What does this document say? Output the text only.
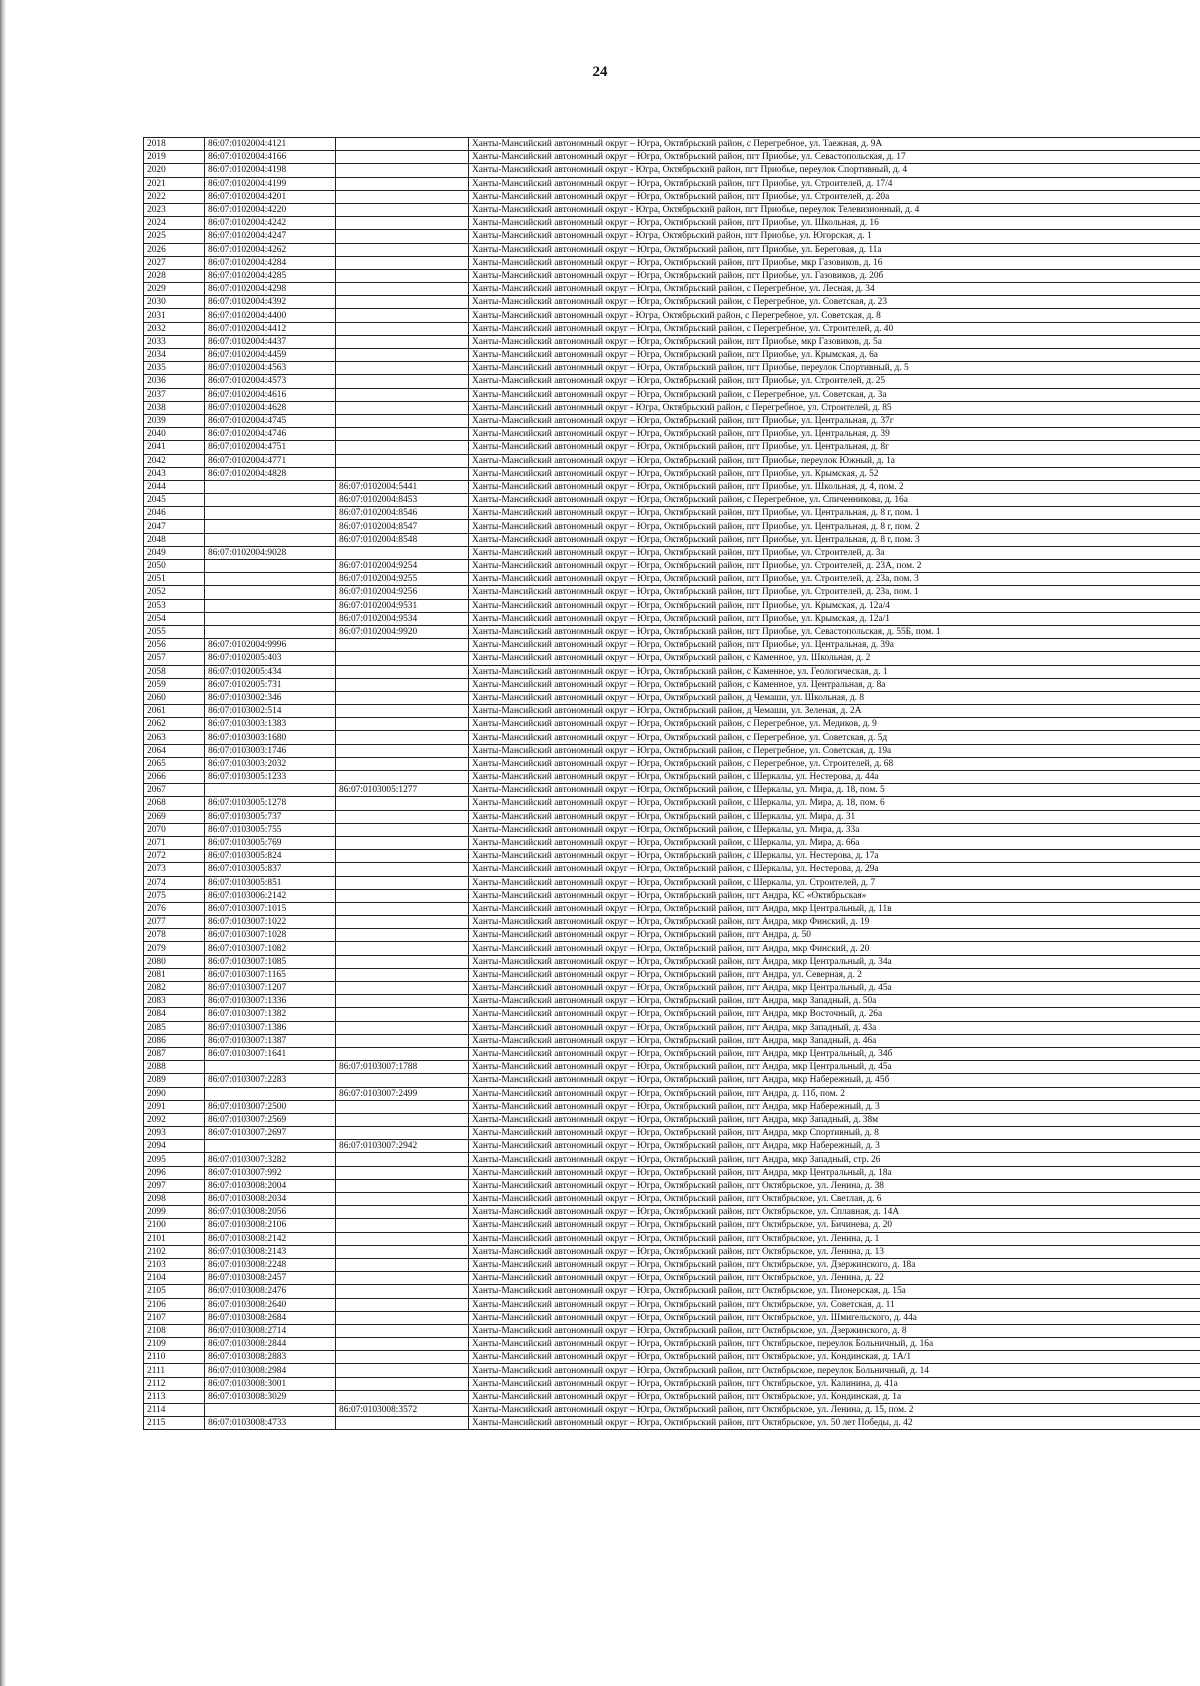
24
2018	86:07:0102004:4121		Ханты-Мансийский автономный округ – Югра, Октябрьский район, с Перегребное, ул. Таежная, д. 9А
2019	86:07:0102004:4166		Ханты-Мансийский автономный округ – Югра, Октябрьский район, пгт Приобье, ул. Севастопольская, д. 17
2020	86:07:0102004:4198		Ханты-Мансийский автономный округ - Югра, Октябрьский район, пгт Приобье, переулок Спортивный, д. 4
2021	86:07:0102004:4199		Ханты-Мансийский автономный округ – Югра, Октябрьский район, пгт Приобье, ул. Строителей, д. 17/4
2022	86:07:0102004:4201		Ханты-Мансийский автономный округ – Югра, Октябрьский район, пгт Приобье, ул. Строителей, д. 20а
2023	86:07:0102004:4220		Ханты-Мансийский автономный округ - Югра, Октябрьский район, пгт Приобье, переулок Телевизионный, д. 4
2024	86:07:0102004:4242		Ханты-Мансийский автономный округ – Югра, Октябрьский район, пгт Приобье, ул. Школьная, д. 16
2025	86:07:0102004:4247		Ханты-Мансийский автономный округ - Югра, Октябрьский район, пгт Приобье, ул. Югорская, д. 1
2026	86:07:0102004:4262		Ханты-Мансийский автономный округ – Югра, Октябрьский район, пгт Приобье, ул. Береговая, д. 11а
2027	86:07:0102004:4284		Ханты-Мансийский автономный округ – Югра, Октябрьский район, пгт Приобье, мкр Газовиков, д. 16
2028	86:07:0102004:4285		Ханты-Мансийский автономный округ – Югра, Октябрьский район, пгт Приобье, ул. Газовиков, д. 20б
2029	86:07:0102004:4298		Ханты-Мансийский автономный округ – Югра, Октябрьский район, с Перегребное, ул. Лесная, д. 34
2030	86:07:0102004:4392		Ханты-Мансийский автономный округ – Югра, Октябрьский район, с Перегребное, ул. Советская, д. 23
2031	86:07:0102004:4400		Ханты-Мансийский автономный округ - Югра, Октябрьский район, с Перегребное, ул. Советская, д. 8
2032	86:07:0102004:4412		Ханты-Мансийский автономный округ – Югра, Октябрьский район, с Перегребное, ул. Строителей, д. 40
2033	86:07:0102004:4437		Ханты-Мансийский автономный округ – Югра, Октябрьский район, пгт Приобье, мкр Газовиков, д. 5а
2034	86:07:0102004:4459		Ханты-Мансийский автономный округ – Югра, Октябрьский район, пгт Приобье, ул. Крымская, д. 6а
2035	86:07:0102004:4563		Ханты-Мансийский автономный округ – Югра, Октябрьский район, пгт Приобье, переулок Спортивный, д. 5
2036	86:07:0102004:4573		Ханты-Мансийский автономный округ – Югра, Октябрьский район, пгт Приобье, ул. Строителей, д. 25
2037	86:07:0102004:4616		Ханты-Мансийский автономный округ – Югра, Октябрьский район, с Перегребное, ул. Советская, д. 3а
2038	86:07:0102004:4628		Ханты-Мансийский автономный округ - Югра, Октябрьский район, с Перегребное, ул. Строителей, д. 85
2039	86:07:0102004:4745		Ханты-Мансийский автономный округ – Югра, Октябрьский район, пгт Приобье, ул. Центральная, д. 37г
2040	86:07:0102004:4746		Ханты-Мансийский автономный округ – Югра, Октябрьский район, пгт Приобье, ул. Центральная, д. 39
2041	86:07:0102004:4751		Ханты-Мансийский автономный округ – Югра, Октябрьский район, пгт Приобье, ул. Центральная, д. 8г
2042	86:07:0102004:4771		Ханты-Мансийский автономный округ – Югра, Октябрьский район, пгт Приобье, переулок Южный, д. 1а
2043	86:07:0102004:4828		Ханты-Мансийский автономный округ – Югра, Октябрьский район, пгт Приобье, ул. Крымская, д. 52
2044		86:07:0102004:5441	Ханты-Мансийский автономный округ – Югра, Октябрьский район, пгт Приобье, ул. Школьная, д. 4, пом. 2
2045		86:07:0102004:8453	Ханты-Мансийский автономный округ – Югра, Октябрьский район, с Перегребное, ул. Спиченникова, д. 16а
2046		86:07:0102004:8546	Ханты-Мансийский автономный округ – Югра, Октябрьский район, пгт Приобье, ул. Центральная, д. 8 г, пом. 1
2047		86:07:0102004:8547	Ханты-Мансийский автономный округ – Югра, Октябрьский район, пгт Приобье, ул. Центральная, д. 8 г, пом. 2
2048		86:07:0102004:8548	Ханты-Мансийский автономный округ – Югра, Октябрьский район, пгт Приобье, ул. Центральная, д. 8 г, пом. 3
2049	86:07:0102004:9028		Ханты-Мансийский автономный округ – Югра, Октябрьский район, пгт Приобье, ул. Строителей, д. 3а
2050		86:07:0102004:9254	Ханты-Мансийский автономный округ – Югра, Октябрьский район, пгт Приобье, ул. Строителей, д. 23А, пом. 2
2051		86:07:0102004:9255	Ханты-Мансийский автономный округ – Югра, Октябрьский район, пгт Приобье, ул. Строителей, д. 23а, пом. 3
2052		86:07:0102004:9256	Ханты-Мансийский автономный округ – Югра, Октябрьский район, пгт Приобье, ул. Строителей, д. 23а, пом. 1
2053		86:07:0102004:9531	Ханты-Мансийский автономный округ – Югра, Октябрьский район, пгт Приобье, ул. Крымская, д. 12а/4
2054		86:07:0102004:9534	Ханты-Мансийский автономный округ – Югра, Октябрьский район, пгт Приобье, ул. Крымская, д. 12а/1
2055		86:07:0102004:9920	Ханты-Мансийский автономный округ – Югра, Октябрьский район, пгт Приобье, ул. Севастопольская, д. 55Б, пом. 1
2056	86:07:0102004:9996		Ханты-Мансийский автономный округ – Югра, Октябрьский район, пгт Приобье, ул. Центральная, д. 39а
2057	86:07:0102005:403		Ханты-Мансийский автономный округ – Югра, Октябрьский район, с Каменное, ул. Школьная, д. 2
2058	86:07:0102005:434		Ханты-Мансийский автономный округ – Югра, Октябрьский район, с Каменное, ул. Геологическая, д. 1
2059	86:07:0102005:731		Ханты-Мансийский автономный округ – Югра, Октябрьский район, с Каменное, ул. Центральная, д. 8а
2060	86:07:0103002:346		Ханты-Мансийский автономный округ – Югра, Октябрьский район, д Чемаши, ул. Школьная, д. 8
2061	86:07:0103002:514		Ханты-Мансийский автономный округ – Югра, Октябрьский район, д Чемаши, ул. Зеленая, д. 2А
2062	86:07:0103003:1383		Ханты-Мансийский автономный округ – Югра, Октябрьский район, с Перегребное, ул. Медиков, д. 9
2063	86:07:0103003:1680		Ханты-Мансийский автономный округ – Югра, Октябрьский район, с Перегребное, ул. Советская, д. 5д
2064	86:07:0103003:1746		Ханты-Мансийский автономный округ – Югра, Октябрьский район, с Перегребное, ул. Советская, д. 19а
2065	86:07:0103003:2032		Ханты-Мансийский автономный округ – Югра, Октябрьский район, с Перегребное, ул. Строителей, д. 68
2066	86:07:0103005:1233		Ханты-Мансийский автономный округ – Югра, Октябрьский район, с Шеркалы, ул. Нестерова, д. 44а
2067		86:07:0103005:1277	Ханты-Мансийский автономный округ – Югра, Октябрьский район, с Шеркалы, ул. Мира, д. 18, пом. 5
2068	86:07:0103005:1278		Ханты-Мансийский автономный округ – Югра, Октябрьский район, с Шеркалы, ул. Мира, д. 18, пом. 6
2069	86:07:0103005:737		Ханты-Мансийский автономный округ – Югра, Октябрьский район, с Шеркалы, ул. Мира, д. 31
2070	86:07:0103005:755		Ханты-Мансийский автономный округ – Югра, Октябрьский район, с Шеркалы, ул. Мира, д. 33а
2071	86:07:0103005:769		Ханты-Мансийский автономный округ – Югра, Октябрьский район, с Шеркалы, ул. Мира, д. 66а
2072	86:07:0103005:824		Ханты-Мансийский автономный округ – Югра, Октябрьский район, с Шеркалы, ул. Нестерова, д. 17а
2073	86:07:0103005:837		Ханты-Мансийский автономный округ – Югра, Октябрьский район, с Шеркалы, ул. Нестерова, д. 29а
2074	86:07:0103005:851		Ханты-Мансийский автономный округ – Югра, Октябрьский район, с Шеркалы, ул. Строителей, д. 7
2075	86:07:0103006:2142		Ханты-Мансийский автономный округ – Югра, Октябрьский район, пгт Андра, КС «Октябрьская»
2076	86:07:0103007:1015		Ханты-Мансийский автономный округ – Югра, Октябрьский район, пгт Андра, мкр Центральный, д. 11в
2077	86:07:0103007:1022		Ханты-Мансийский автономный округ – Югра, Октябрьский район, пгт Андра, мкр Финский, д. 19
2078	86:07:0103007:1028		Ханты-Мансийский автономный округ – Югра, Октябрьский район, пгт Андра, д. 50
2079	86:07:0103007:1082		Ханты-Мансийский автономный округ – Югра, Октябрьский район, пгт Андра, мкр Финский, д. 20
2080	86:07:0103007:1085		Ханты-Мансийский автономный округ – Югра, Октябрьский район, пгт Андра, мкр Центральный, д. 34а
2081	86:07:0103007:1165		Ханты-Мансийский автономный округ – Югра, Октябрьский район, пгт Андра, ул. Северная, д. 2
2082	86:07:0103007:1207		Ханты-Мансийский автономный округ – Югра, Октябрьский район, пгт Андра, мкр Центральный, д. 45а
2083	86:07:0103007:1336		Ханты-Мансийский автономный округ – Югра, Октябрьский район, пгт Андра, мкр Западный, д. 50а
2084	86:07:0103007:1382		Ханты-Мансийский автономный округ – Югра, Октябрьский район, пгт Андра, мкр Восточный, д. 26а
2085	86:07:0103007:1386		Ханты-Мансийский автономный округ – Югра, Октябрьский район, пгт Андра, мкр Западный, д. 43а
2086	86:07:0103007:1387		Ханты-Мансийский автономный округ – Югра, Октябрьский район, пгт Андра, мкр Западный, д. 46а
2087	86:07:0103007:1641		Ханты-Мансийский автономный округ – Югра, Октябрьский район, пгт Андра, мкр Центральный, д. 34б
2088		86:07:0103007:1788	Ханты-Мансийский автономный округ – Югра, Октябрьский район, пгт Андра, мкр Центральный, д. 45а
2089	86:07:0103007:2283		Ханты-Мансийский автономный округ – Югра, Октябрьский район, пгт Андра, мкр Набережный, д. 45б
2090		86:07:0103007:2499	Ханты-Мансийский автономный округ – Югра, Октябрьский район, пгт Андра, д. 11б, пом. 2
2091	86:07:0103007:2500		Ханты-Мансийский автономный округ – Югра, Октябрьский район, пгт Андра, мкр Набережный, д. 3
2092	86:07:0103007:2569		Ханты-Мансийский автономный округ – Югра, Октябрьский район, пгт Андра, мкр Западный, д. 38м
2093	86:07:0103007:2697		Ханты-Мансийский автономный округ – Югра, Октябрьский район, пгт Андра, мкр Спортивный, д. 8
2094		86:07:0103007:2942	Ханты-Мансийский автономный округ – Югра, Октябрьский район, пгт Андра, мкр Набережный, д. 3
2095	86:07:0103007:3282		Ханты-Мансийский автономный округ – Югра, Октябрьский район, пгт Андра, мкр Западный, стр. 26
2096	86:07:0103007:992		Ханты-Мансийский автономный округ – Югра, Октябрьский район, пгт Андра, мкр Центральный, д. 18а
2097	86:07:0103008:2004		Ханты-Мансийский автономный округ – Югра, Октябрьский район, пгт Октябрьское, ул. Ленина, д. 38
2098	86:07:0103008:2034		Ханты-Мансийский автономный округ – Югра, Октябрьский район, пгт Октябрьское, ул. Светлая, д. 6
2099	86:07:0103008:2056		Ханты-Мансийский автономный округ – Югра, Октябрьский район, пгт Октябрьское, ул. Сплавная, д. 14А
2100	86:07:0103008:2106		Ханты-Мансийский автономный округ – Югра, Октябрьский район, пгт Октябрьское, ул. Бичинева, д. 20
2101	86:07:0103008:2142		Ханты-Мансийский автономный округ – Югра, Октябрьский район, пгт Октябрьское, ул. Ленина, д. 1
2102	86:07:0103008:2143		Ханты-Мансийский автономный округ – Югра, Октябрьский район, пгт Октябрьское, ул. Ленина, д. 13
2103	86:07:0103008:2248		Ханты-Мансийский автономный округ – Югра, Октябрьский район, пгт Октябрьское, ул. Дзержинского, д. 18а
2104	86:07:0103008:2457		Ханты-Мансийский автономный округ – Югра, Октябрьский район, пгт Октябрьское, ул. Ленина, д. 22
2105	86:07:0103008:2476		Ханты-Мансийский автономный округ – Югра, Октябрьский район, пгт Октябрьское, ул. Пионерская, д. 15а
2106	86:07:0103008:2640		Ханты-Мансийский автономный округ – Югра, Октябрьский район, пгт Октябрьское, ул. Советская, д. 11
2107	86:07:0103008:2684		Ханты-Мансийский автономный округ – Югра, Октябрьский район, пгт Октябрьское, ул. Шмигельского, д. 44а
2108	86:07:0103008:2714		Ханты-Мансийский автономный округ – Югра, Октябрьский район, пгт Октябрьское, ул. Дзержинского, д. 8
2109	86:07:0103008:2844		Ханты-Мансийский автономный округ – Югра, Октябрьский район, пгт Октябрьское, переулок Больничный, д. 16а
2110	86:07:0103008:2883		Ханты-Мансийский автономный округ – Югра, Октябрьский район, пгт Октябрьское, ул. Кондинская, д. 1А/1
2111	86:07:0103008:2984		Ханты-Мансийский автономный округ – Югра, Октябрьский район, пгт Октябрьское, переулок Больничный, д. 14
2112	86:07:0103008:3001		Ханты-Мансийский автономный округ – Югра, Октябрьский район, пгт Октябрьское, ул. Калинина, д. 41а
2113	86:07:0103008:3029		Ханты-Мансийский автономный округ – Югра, Октябрьский район, пгт Октябрьское, ул. Кондинская, д. 1а
2114		86:07:0103008:3572	Ханты-Мансийский автономный округ – Югра, Октябрьский район, пгт Октябрьское, ул. Ленина, д. 15, пом. 2
2115	86:07:0103008:4733		Ханты-Мансийский автономный округ – Югра, Октябрьский район, пгт Октябрьское, ул. 50 лет Победы, д. 42
